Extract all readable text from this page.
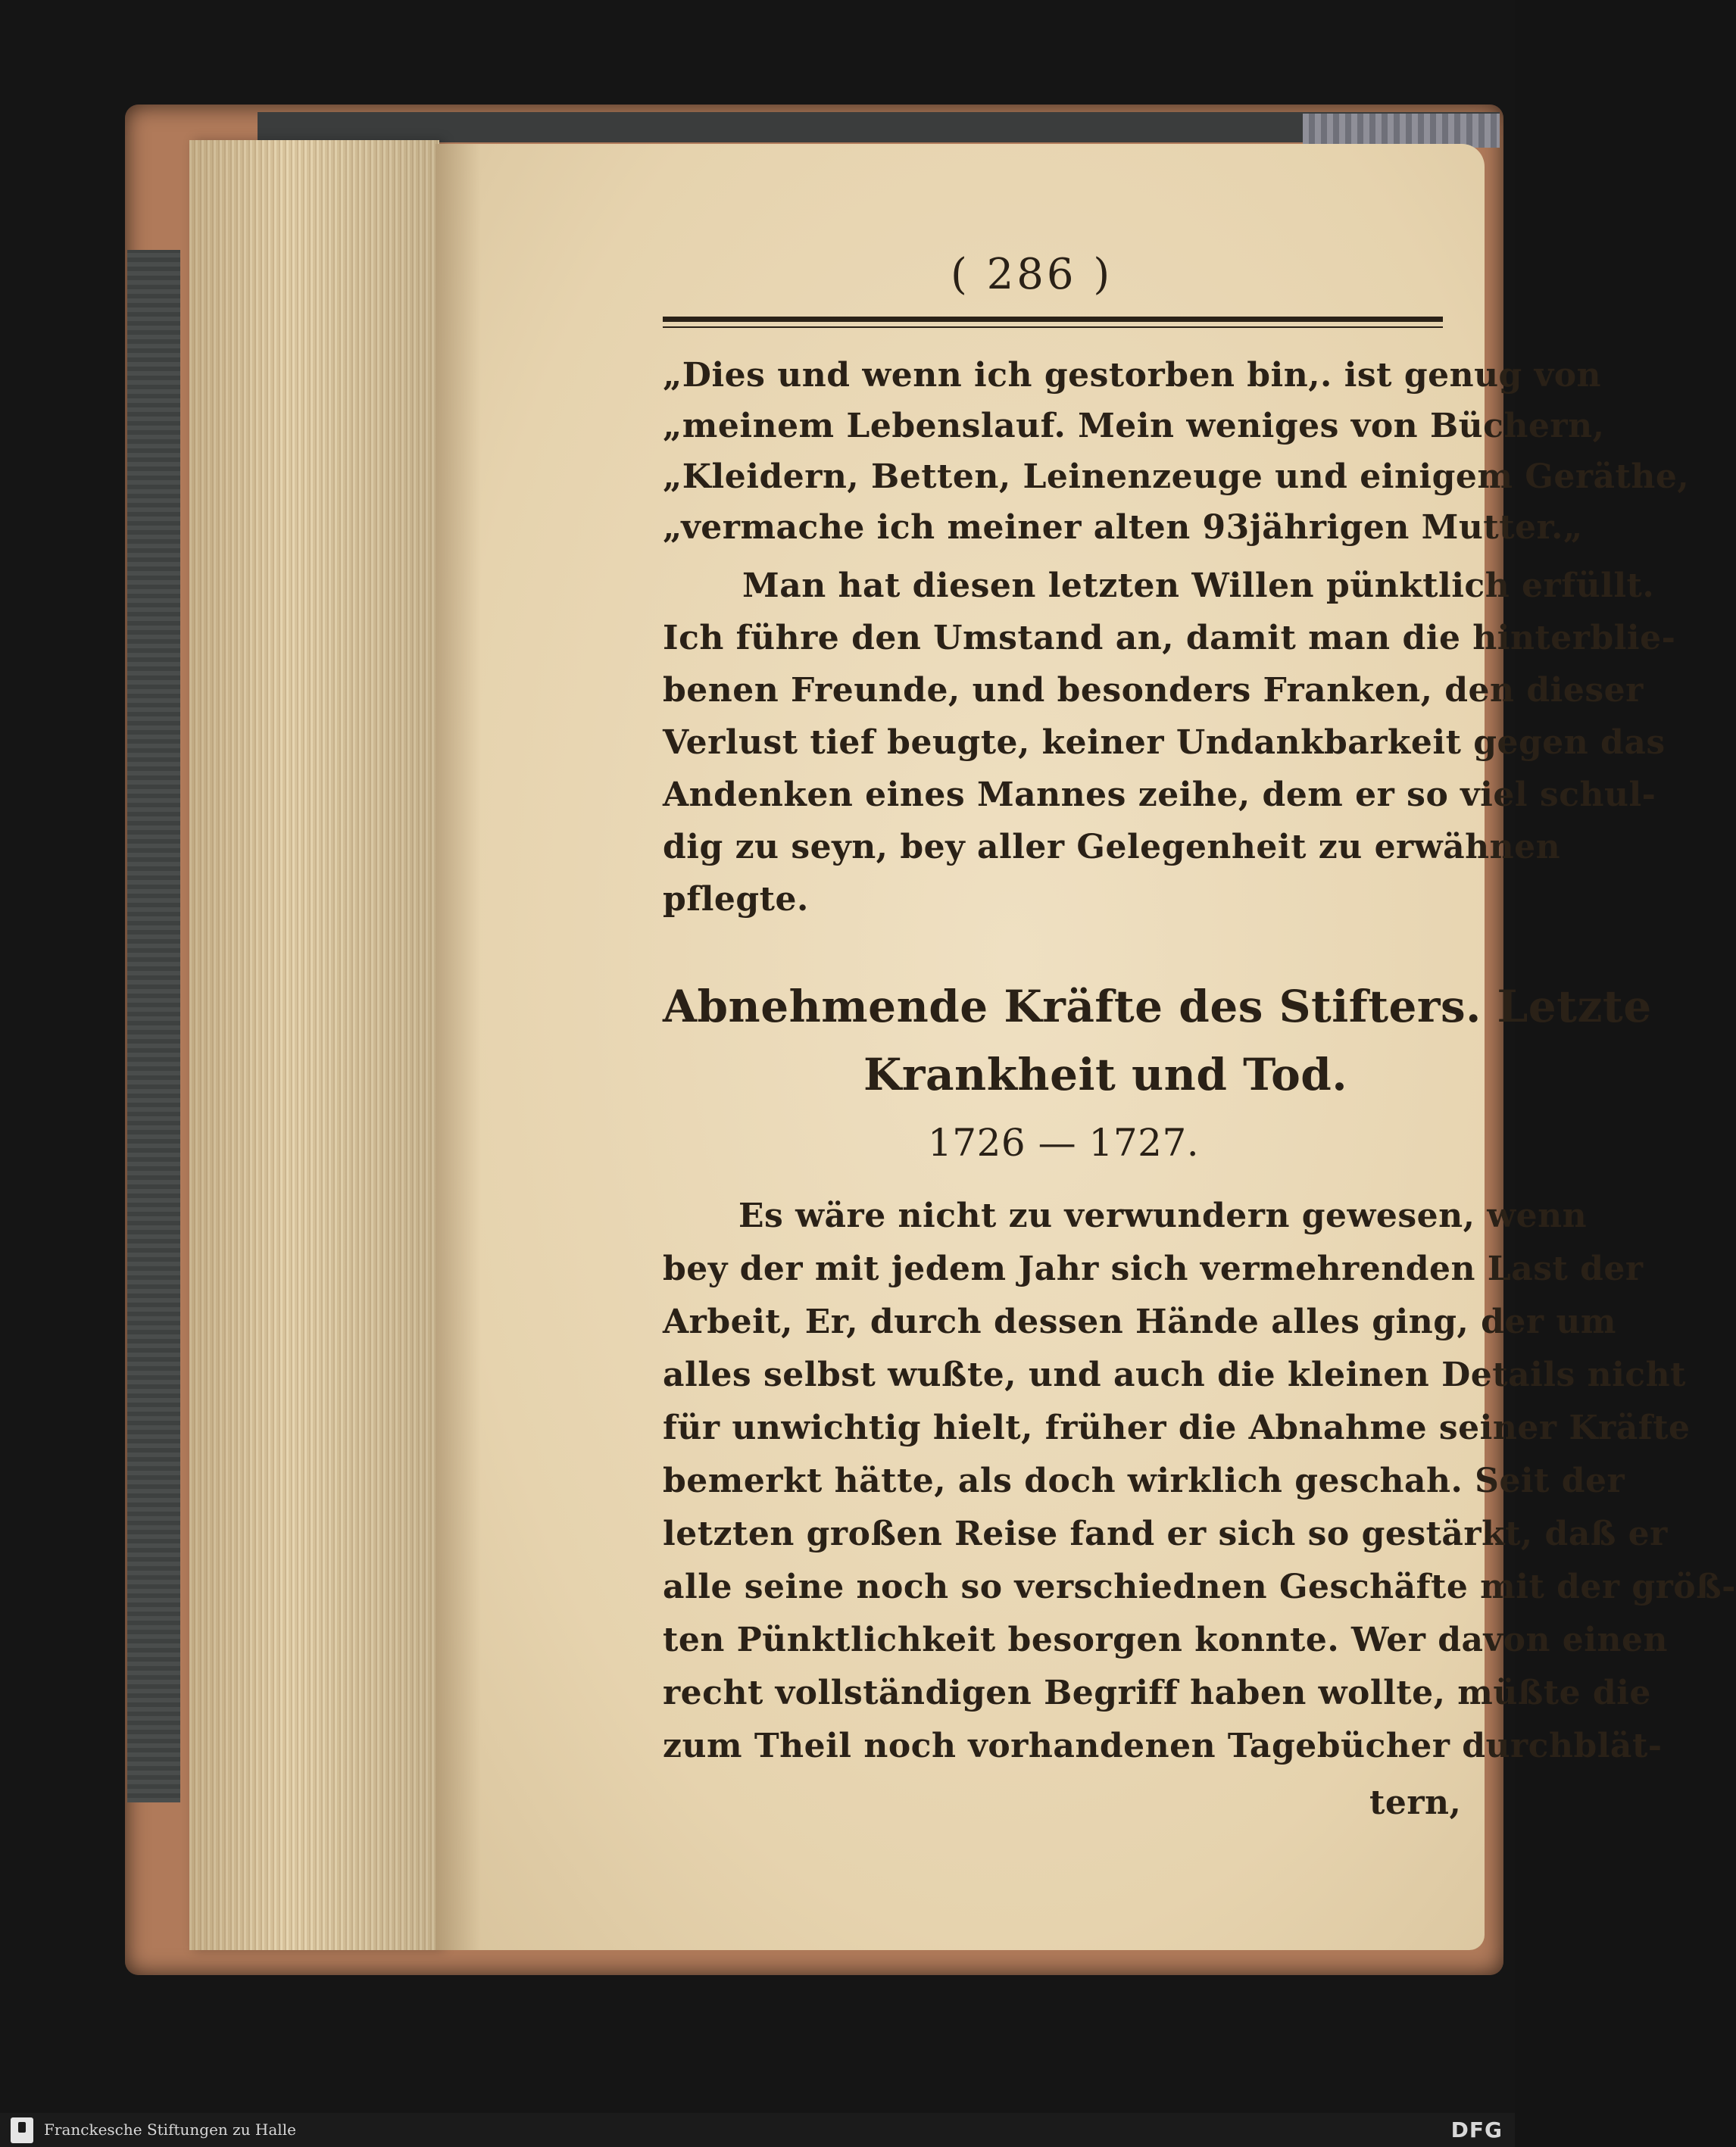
( 286 )
„Dies und wenn ich gestorben bin,. ist genug von
„meinem Lebenslauf. Mein weniges von Büchern,
„Kleidern, Betten, Leinenzeuge und einigem Geräthe,
„vermache ich meiner alten 93jährigen Mutter.„
Man hat diesen letzten Willen pünktlich erfüllt.
Ich führe den Umstand an, damit man die hinterblie-
benen Freunde, und besonders Franken, den dieser
Verlust tief beugte, keiner Undankbarkeit gegen das
Andenken eines Mannes zeihe, dem er so viel schul-
dig zu seyn, bey aller Gelegenheit zu erwähnen
pflegte.
Abnehmende Kräfte des Stifters. Letzte
Krankheit und Tod.
1726 — 1727.
Es wäre nicht zu verwundern gewesen, wenn
bey der mit jedem Jahr sich vermehrenden Last der
Arbeit, Er, durch dessen Hände alles ging, der um
alles selbst wußte, und auch die kleinen Details nicht
für unwichtig hielt, früher die Abnahme seiner Kräfte
bemerkt hätte, als doch wirklich geschah. Seit der
letzten großen Reise fand er sich so gestärkt, daß er
alle seine noch so verschiednen Geschäfte mit der größ-
ten Pünktlichkeit besorgen konnte. Wer davon einen
recht vollständigen Begriff haben wollte, müßte die
zum Theil noch vorhandenen Tagebücher durchblät-
tern,
Franckesche Stiftungen zu Halle	DFG
